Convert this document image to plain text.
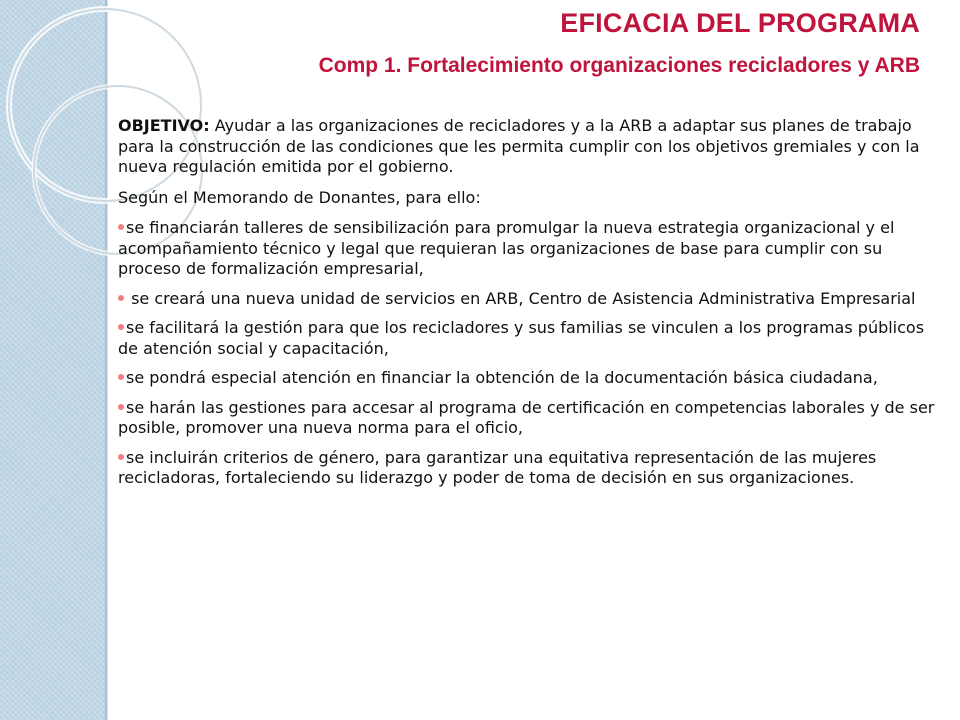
EFICACIA DEL PROGRAMA
Comp 1. Fortalecimiento organizaciones recicladores y ARB

OBJETIVO: Ayudar a las organizaciones de recicladores y a la ARB a adaptar sus planes de trabajo para la construcción de las condiciones que les permita cumplir con los objetivos gremiales y con la nueva regulación emitida por el gobierno.

Según el Memorando de Donantes, para ello:

se financiarán talleres de sensibilización para promulgar la nueva estrategia organizacional y el acompañamiento técnico y legal que requieran las organizaciones de base para cumplir con su proceso de formalización empresarial,
se creará una nueva unidad de servicios en ARB, Centro de Asistencia Administrativa Empresarial
se facilitará la gestión para que los recicladores y sus familias se vinculen a los programas públicos de atención social y capacitación,
se pondrá especial atención en financiar la obtención de la documentación básica ciudadana,
se harán las gestiones para accesar al programa de certificación en competencias laborales y de ser posible, promover una nueva norma para el oficio,
se incluirán criterios de género, para garantizar una equitativa representación de las mujeres recicladoras, fortaleciendo su liderazgo y poder de toma de decisión en sus organizaciones.
